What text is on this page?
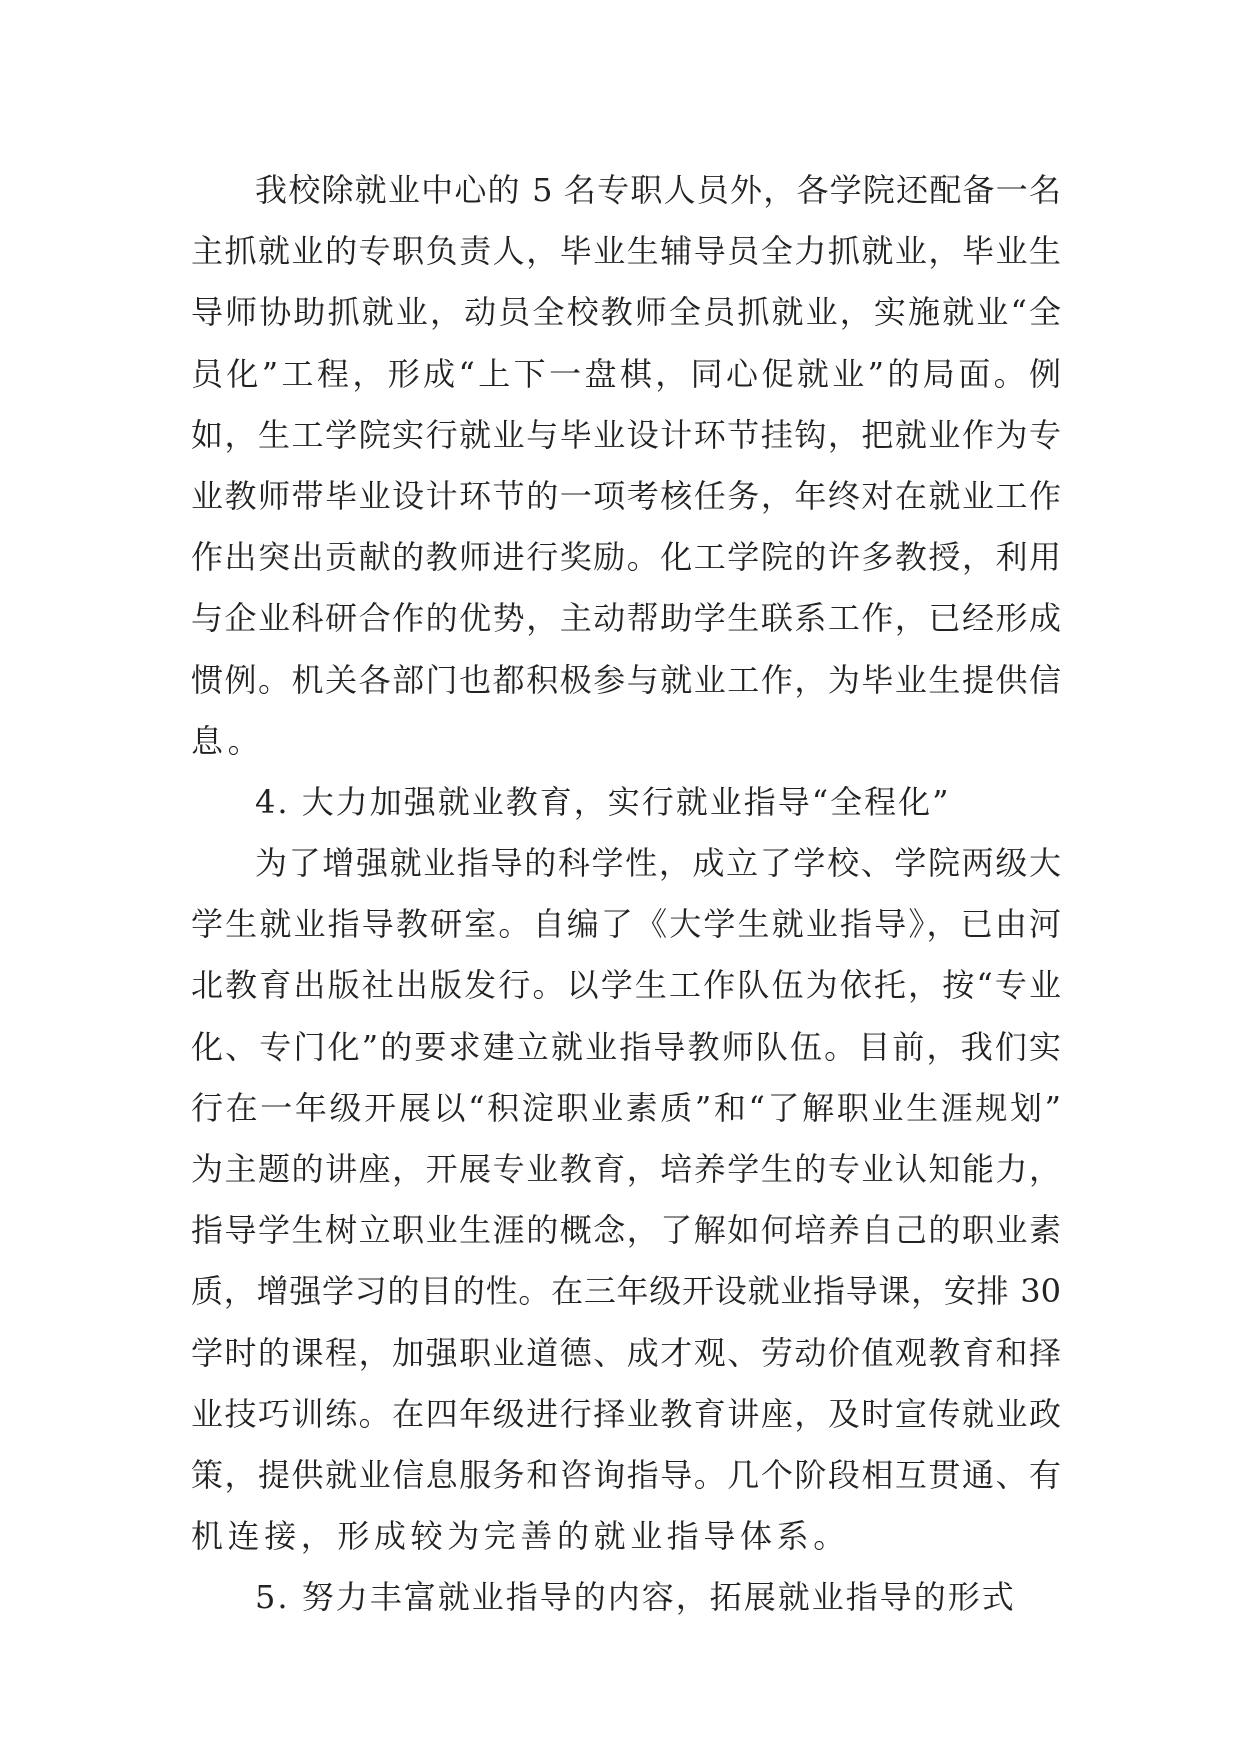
我校除就业中心的 5 名专职人员外，各学院还配备一名
主抓就业的专职负责人，毕业生辅导员全力抓就业，毕业生
导师协助抓就业，动员全校教师全员抓就业，实施就业“全
员化”工程，形成“上下一盘棋，同心促就业”的局面。例
如，生工学院实行就业与毕业设计环节挂钩，把就业作为专
业教师带毕业设计环节的一项考核任务，年终对在就业工作
作出突出贡献的教师进行奖励。化工学院的许多教授，利用
与企业科研合作的优势，主动帮助学生联系工作，已经形成
惯例。机关各部门也都积极参与就业工作，为毕业生提供信
息。
4. 大力加强就业教育，实行就业指导“全程化”
为了增强就业指导的科学性，成立了学校、学院两级大
学生就业指导教研室。自编了《大学生就业指导》，已由河
北教育出版社出版发行。以学生工作队伍为依托，按“专业
化、专门化”的要求建立就业指导教师队伍。目前，我们实
行在一年级开展以“积淀职业素质”和“了解职业生涯规划”
为主题的讲座，开展专业教育，培养学生的专业认知能力，
指导学生树立职业生涯的概念，了解如何培养自己的职业素
质，增强学习的目的性。在三年级开设就业指导课，安排 30
学时的课程，加强职业道德、成才观、劳动价值观教育和择
业技巧训练。在四年级进行择业教育讲座，及时宣传就业政
策，提供就业信息服务和咨询指导。几个阶段相互贯通、有
机连接，形成较为完善的就业指导体系。
5. 努力丰富就业指导的内容，拓展就业指导的形式
